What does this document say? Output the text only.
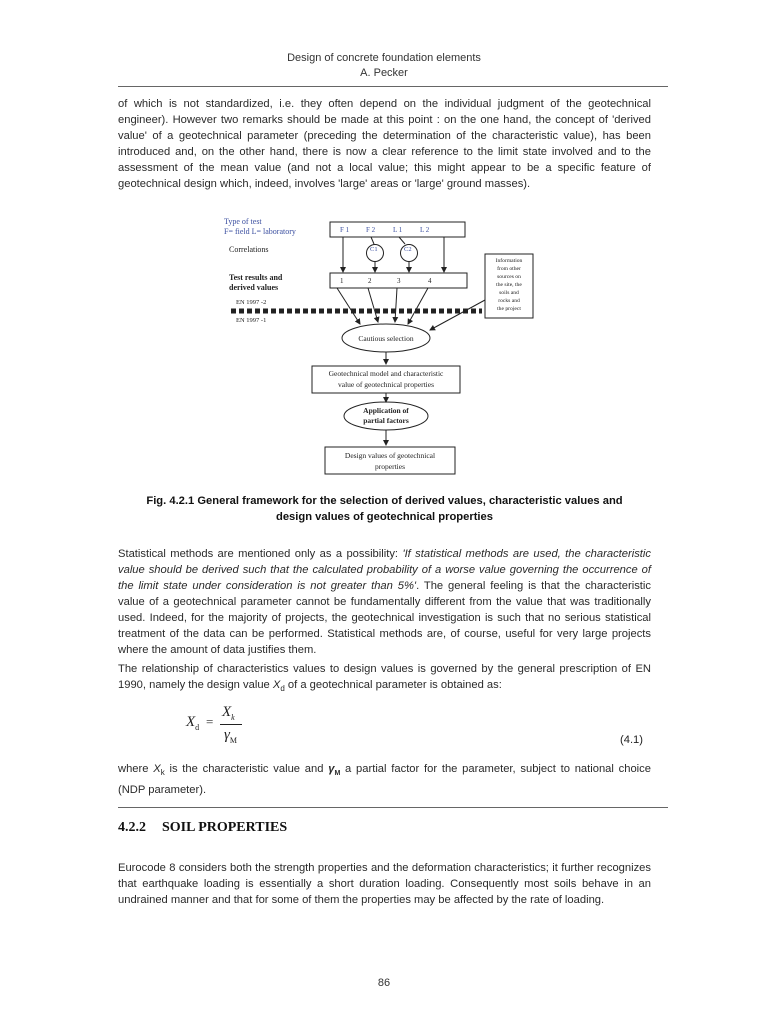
Design of concrete foundation elements
A. Pecker
of which is not standardized, i.e. they often depend on the individual judgment of the geotechnical engineer). However two remarks should be made at this point : on the one hand, the concept of 'derived value' of a geotechnical parameter (preceding the determination of the characteristic value), has been introduced and, on the other hand, there is now a clear reference to the limit state involved and to the assessment of the mean value (and not a local value; this might appear to be a specific feature of geotechnical design which, indeed, involves 'large' areas or 'large' ground masses).
Type of test
F= field L= laboratory	F 1 F 2	L 1	L 2
Correlations	C1	C2
Test results and
derived values
1	2	3	4
Information
from other
sources on
the site, the
soils and
rocks and
the project
EN 1997 -2
EN 1997 -1
Cautious selection
Geotechnical model and characteristic
value of geotechnical properties
Application of
partial factors
Design values of geotechnical
properties
Fig. 4.2.1 General framework for the selection of derived values, characteristic values and
design values of geotechnical properties
Statistical methods are mentioned only as a possibility: 'If statistical methods are used, the characteristic value should be derived such that the calculated probability of a worse value governing the occurrence of the limit state under consideration is not greater than 5%'. The general feeling is that the characteristic value of a geotechnical parameter cannot be fundamentally different from the value that was traditionally used. Indeed, for the majority of projects, the geotechnical investigation is such that no serious statistical treatment of the data can be performed. Statistical methods are, of course, useful for very large projects where the amount of data justifies them.
The relationship of characteristics values to design values is governed by the general prescription of EN 1990, namely the design value $X_d$ of a geotechnical parameter is obtained as:
$X_d$ =
$X_k$
$\gamma_M$	(4.1)
where $X_k$ is the characteristic value and $\gamma_M$ a partial factor for the parameter, subject to national choice (NDP parameter).
4.2.2 SOIL PROPERTIES
Eurocode 8 considers both the strength properties and the deformation characteristics; it further recognizes that earthquake loading is essentially a short duration loading. Consequently most soils behave in an undrained manner and that for some of them the properties may be affected by the rate of loading.
86
